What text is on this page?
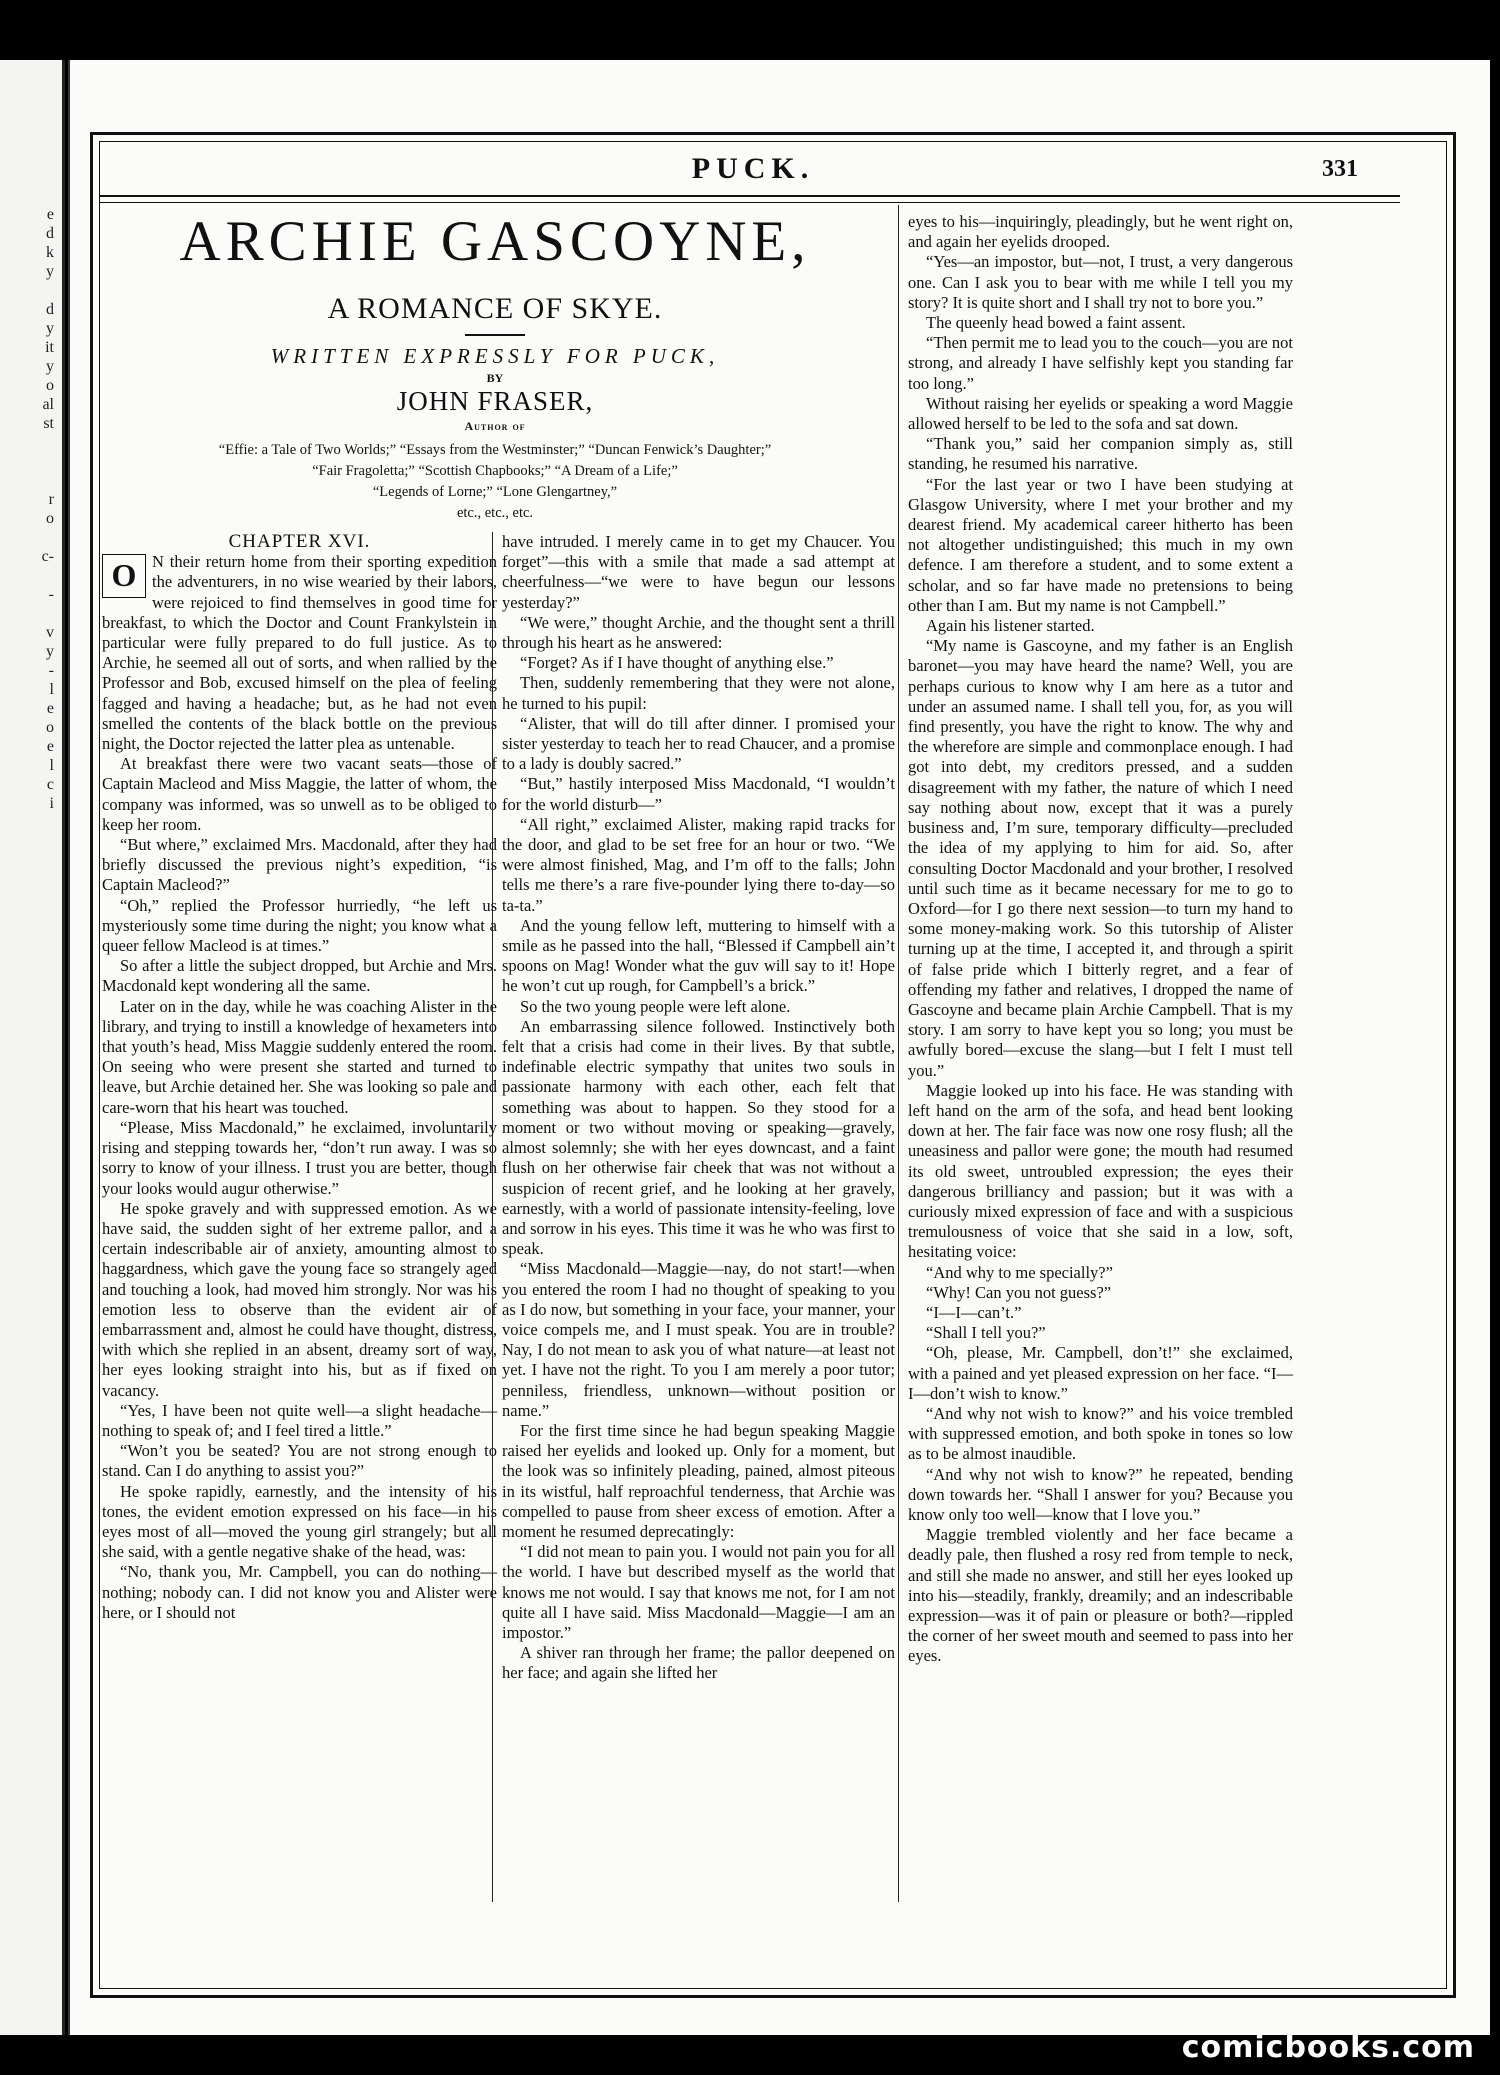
e
d
k
y
d
y
it
y
o
al
st
r
o
c-
-
v
y
-
l
e
o
e
l
c
i
PUCK.	331
ARCHIE GASCOYNE,
A ROMANCE OF SKYE.
WRITTEN EXPRESSLY FOR PUCK,
BY
JOHN FRASER,
Author of
“Effie: a Tale of Two Worlds;” “Essays from the Westminster;” “Duncan Fenwick’s Daughter;”
“Fair Fragoletta;” “Scottish Chapbooks;” “A Dream of a Life;”
“Legends of Lorne;” “Lone Glengartney,”
etc., etc., etc.

CHAPTER XVI.

O N their return home from their sporting expedition the adventurers, in no wise wearied by their labors, were rejoiced to find themselves in good time for breakfast, to which the Doctor and Count Frankylstein in particular were fully prepared to do full justice. As to Archie, he seemed all out of sorts, and when rallied by the Professor and Bob, excused himself on the plea of feeling fagged and having a headache; but, as he had not even smelled the contents of the black bottle on the previous night, the Doctor rejected the latter plea as untenable.

At breakfast there were two vacant seats—those of Captain Macleod and Miss Maggie, the latter of whom, the company was informed, was so unwell as to be obliged to keep her room.

“But where,” exclaimed Mrs. Macdonald, after they had briefly discussed the previous night’s expedition, “is Captain Macleod?”

“Oh,” replied the Professor hurriedly, “he left us mysteriously some time during the night; you know what a queer fellow Macleod is at times.”

So after a little the subject dropped, but Archie and Mrs. Macdonald kept wondering all the same.

Later on in the day, while he was coaching Alister in the library, and trying to instill a knowledge of hexameters into that youth’s head, Miss Maggie suddenly entered the room. On seeing who were present she started and turned to leave, but Archie detained her. She was looking so pale and care-worn that his heart was touched.

“Please, Miss Macdonald,” he exclaimed, involuntarily rising and stepping towards her, “don’t run away. I was so sorry to know of your illness. I trust you are better, though your looks would augur otherwise.”

He spoke gravely and with suppressed emotion. As we have said, the sudden sight of her extreme pallor, and a certain indescribable air of anxiety, amounting almost to haggardness, which gave the young face so strangely aged and touching a look, had moved him strongly. Nor was his emotion less to observe than the evident air of embarrassment and, almost he could have thought, distress, with which she replied in an absent, dreamy sort of way, her eyes looking straight into his, but as if fixed on vacancy.

“Yes, I have been not quite well—a slight headache—nothing to speak of; and I feel tired a little.”

“Won’t you be seated? You are not strong enough to stand. Can I do anything to assist you?”

He spoke rapidly, earnestly, and the intensity of his tones, the evident emotion expressed on his face—in his eyes most of all—moved the young girl strangely; but all she said, with a gentle negative shake of the head, was:

“No, thank you, Mr. Campbell, you can do nothing—nothing; nobody can. I did not know you and Alister were here, or I should not

have intruded. I merely came in to get my Chaucer. You forget”—this with a smile that made a sad attempt at cheerfulness—“we were to have begun our lessons yesterday?”

“We were,” thought Archie, and the thought sent a thrill through his heart as he answered:

“Forget? As if I have thought of anything else.”

Then, suddenly remembering that they were not alone, he turned to his pupil:

“Alister, that will do till after dinner. I promised your sister yesterday to teach her to read Chaucer, and a promise to a lady is doubly sacred.”

“But,” hastily interposed Miss Macdonald, “I wouldn’t for the world disturb—”

“All right,” exclaimed Alister, making rapid tracks for the door, and glad to be set free for an hour or two. “We were almost finished, Mag, and I’m off to the falls; John tells me there’s a rare five-pounder lying there to-day—so ta-ta.”

And the young fellow left, muttering to himself with a smile as he passed into the hall, “Blessed if Campbell ain’t spoons on Mag! Wonder what the guv will say to it! Hope he won’t cut up rough, for Campbell’s a brick.”

So the two young people were left alone.

An embarrassing silence followed. Instinctively both felt that a crisis had come in their lives. By that subtle, indefinable electric sympathy that unites two souls in passionate harmony with each other, each felt that something was about to happen. So they stood for a moment or two without moving or speaking—gravely, almost solemnly; she with her eyes downcast, and a faint flush on her otherwise fair cheek that was not without a suspicion of recent grief, and he looking at her gravely, earnestly, with a world of passionate intensity-feeling, love and sorrow in his eyes. This time it was he who was first to speak.

“Miss Macdonald—Maggie—nay, do not start!—when you entered the room I had no thought of speaking to you as I do now, but something in your face, your manner, your voice compels me, and I must speak. You are in trouble? Nay, I do not mean to ask you of what nature—at least not yet. I have not the right. To you I am merely a poor tutor; penniless, friendless, unknown—without position or name.”

For the first time since he had begun speaking Maggie raised her eyelids and looked up. Only for a moment, but the look was so infinitely pleading, pained, almost piteous in its wistful, half reproachful tenderness, that Archie was compelled to pause from sheer excess of emotion. After a moment he resumed deprecatingly:

“I did not mean to pain you. I would not pain you for all the world. I have but described myself as the world that knows me not would. I say that knows me not, for I am not quite all I have said. Miss Macdonald—Maggie—I am an impostor.”

A shiver ran through her frame; the pallor deepened on her face; and again she lifted her

eyes to his—inquiringly, pleadingly, but he went right on, and again her eyelids drooped.

“Yes—an impostor, but—not, I trust, a very dangerous one. Can I ask you to bear with me while I tell you my story? It is quite short and I shall try not to bore you.”

The queenly head bowed a faint assent.

“Then permit me to lead you to the couch—you are not strong, and already I have selfishly kept you standing far too long.”

Without raising her eyelids or speaking a word Maggie allowed herself to be led to the sofa and sat down.

“Thank you,” said her companion simply as, still standing, he resumed his narrative.

“For the last year or two I have been studying at Glasgow University, where I met your brother and my dearest friend. My academical career hitherto has been not altogether undistinguished; this much in my own defence. I am therefore a student, and to some extent a scholar, and so far have made no pretensions to being other than I am. But my name is not Campbell.”

Again his listener started.

“My name is Gascoyne, and my father is an English baronet—you may have heard the name? Well, you are perhaps curious to know why I am here as a tutor and under an assumed name. I shall tell you, for, as you will find presently, you have the right to know. The why and the wherefore are simple and commonplace enough. I had got into debt, my creditors pressed, and a sudden disagreement with my father, the nature of which I need say nothing about now, except that it was a purely business and, I’m sure, temporary difficulty—precluded the idea of my applying to him for aid. So, after consulting Doctor Macdonald and your brother, I resolved until such time as it became necessary for me to go to Oxford—for I go there next session—to turn my hand to some money-making work. So this tutorship of Alister turning up at the time, I accepted it, and through a spirit of false pride which I bitterly regret, and a fear of offending my father and relatives, I dropped the name of Gascoyne and became plain Archie Campbell. That is my story. I am sorry to have kept you so long; you must be awfully bored—excuse the slang—but I felt I must tell you.”

Maggie looked up into his face. He was standing with left hand on the arm of the sofa, and head bent looking down at her. The fair face was now one rosy flush; all the uneasiness and pallor were gone; the mouth had resumed its old sweet, untroubled expression; the eyes their dangerous brilliancy and passion; but it was with a curiously mixed expression of face and with a suspicious tremulousness of voice that she said in a low, soft, hesitating voice:

“And why to me specially?”

“Why! Can you not guess?”

“I—I—can’t.”

“Shall I tell you?”

“Oh, please, Mr. Campbell, don’t!” she exclaimed, with a pained and yet pleased expression on her face. “I—I—don’t wish to know.”

“And why not wish to know?” and his voice trembled with suppressed emotion, and both spoke in tones so low as to be almost inaudible.

“And why not wish to know?” he repeated, bending down towards her. “Shall I answer for you? Because you know only too well—know that I love you.”

Maggie trembled violently and her face became a deadly pale, then flushed a rosy red from temple to neck, and still she made no answer, and still her eyes looked up into his—steadily, frankly, dreamily; and an indescribable expression—was it of pain or pleasure or both?—rippled the corner of her sweet mouth and seemed to pass into her eyes.

comicbooks.com
